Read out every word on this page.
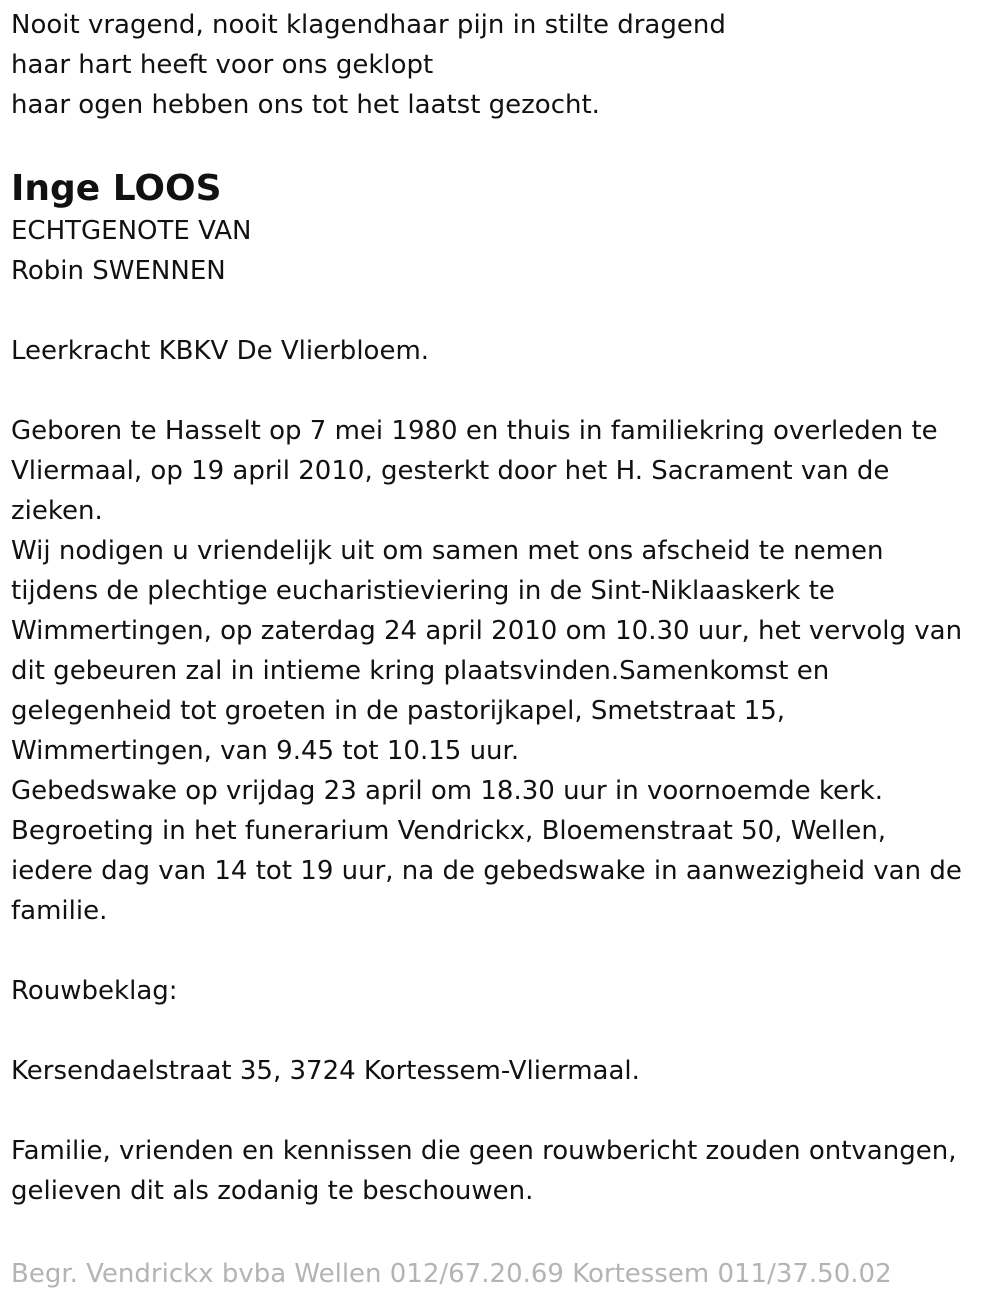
Nooit vragend, nooit klagendhaar pijn in stilte dragend
haar hart heeft voor ons geklopt
haar ogen hebben ons tot het laatst gezocht.
Inge LOOS
ECHTGENOTE VAN
Robin SWENNEN
Leerkracht KBKV De Vlierbloem.
Geboren te Hasselt op 7 mei 1980 en thuis in familiekring overleden te
Vliermaal, op 19 april 2010, gesterkt door het H. Sacrament van de
zieken.
Wij nodigen u vriendelijk uit om samen met ons afscheid te nemen
tijdens de plechtige eucharistieviering in de Sint-Niklaaskerk te
Wimmertingen, op zaterdag 24 april 2010 om 10.30 uur, het vervolg van
dit gebeuren zal in intieme kring plaatsvinden.Samenkomst en
gelegenheid tot groeten in de pastorijkapel, Smetstraat 15,
Wimmertingen, van 9.45 tot 10.15 uur.
Gebedswake op vrijdag 23 april om 18.30 uur in voornoemde kerk.
Begroeting in het funerarium Vendrickx, Bloemenstraat 50, Wellen,
iedere dag van 14 tot 19 uur, na de gebedswake in aanwezigheid van de
familie.
Rouwbeklag:
Kersendaelstraat 35, 3724 Kortessem-Vliermaal.
Familie, vrienden en kennissen die geen rouwbericht zouden ontvangen,
gelieven dit als zodanig te beschouwen.
Begr. Vendrickx bvba Wellen 012/67.20.69 Kortessem 011/37.50.02
